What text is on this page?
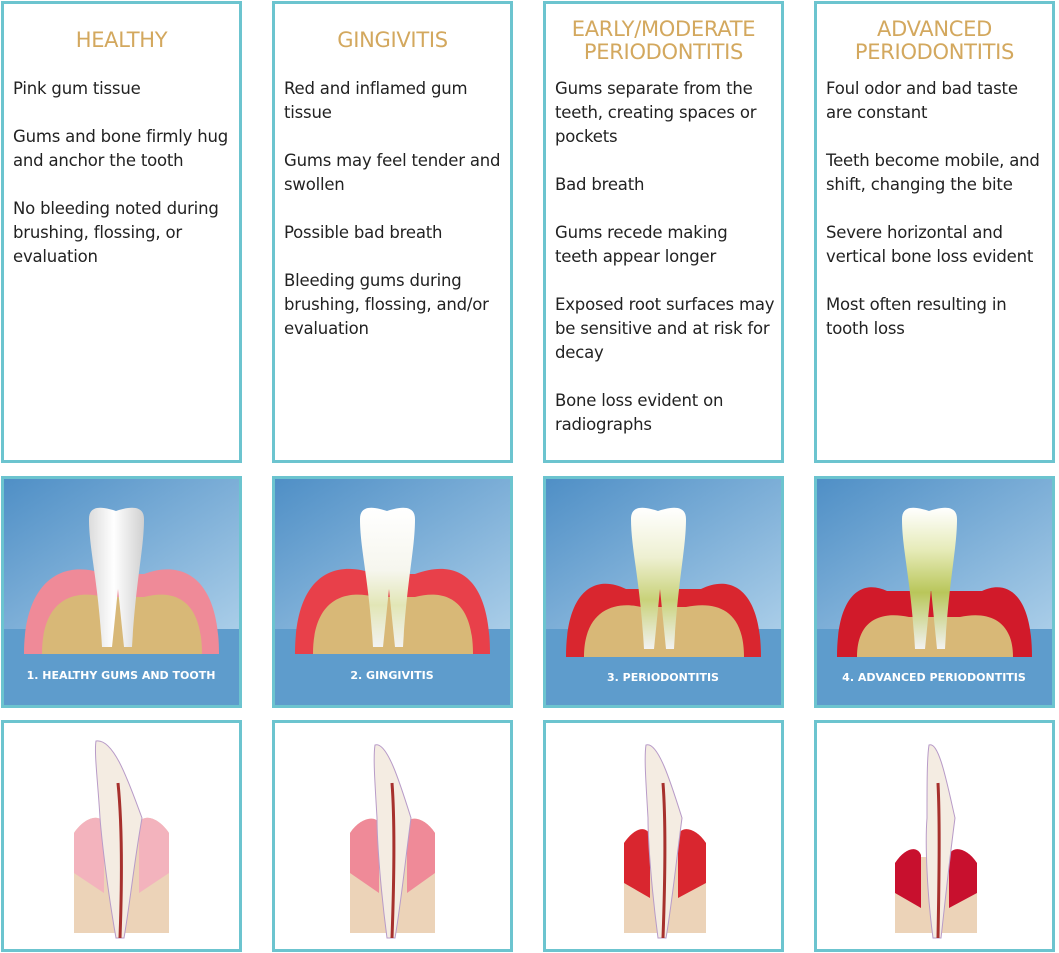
HEALTHY
Pink gum tissue
Gums and bone firmly hug and anchor the tooth
No bleeding noted during brushing, flossing, or evaluation
1. HEALTHY GUMS AND TOOTH
GINGIVITIS
Red and inflamed gum tissue
Gums may feel tender and swollen
Possible bad breath
Bleeding gums during brushing, flossing, and/or evaluation
2. GINGIVITIS
EARLY/MODERATE
PERIODONTITIS
Gums separate from the teeth, creating spaces or pockets
Bad breath
Gums recede making teeth appear longer
Exposed root surfaces may be sensitive and at risk for decay
Bone loss evident on radiographs
3. PERIODONTITIS
ADVANCED
PERIODONTITIS
Foul odor and bad taste are constant
Teeth become mobile, and shift, changing the bite
Severe horizontal and vertical bone loss evident
Most often resulting in tooth loss
4. ADVANCED PERIODONTITIS
